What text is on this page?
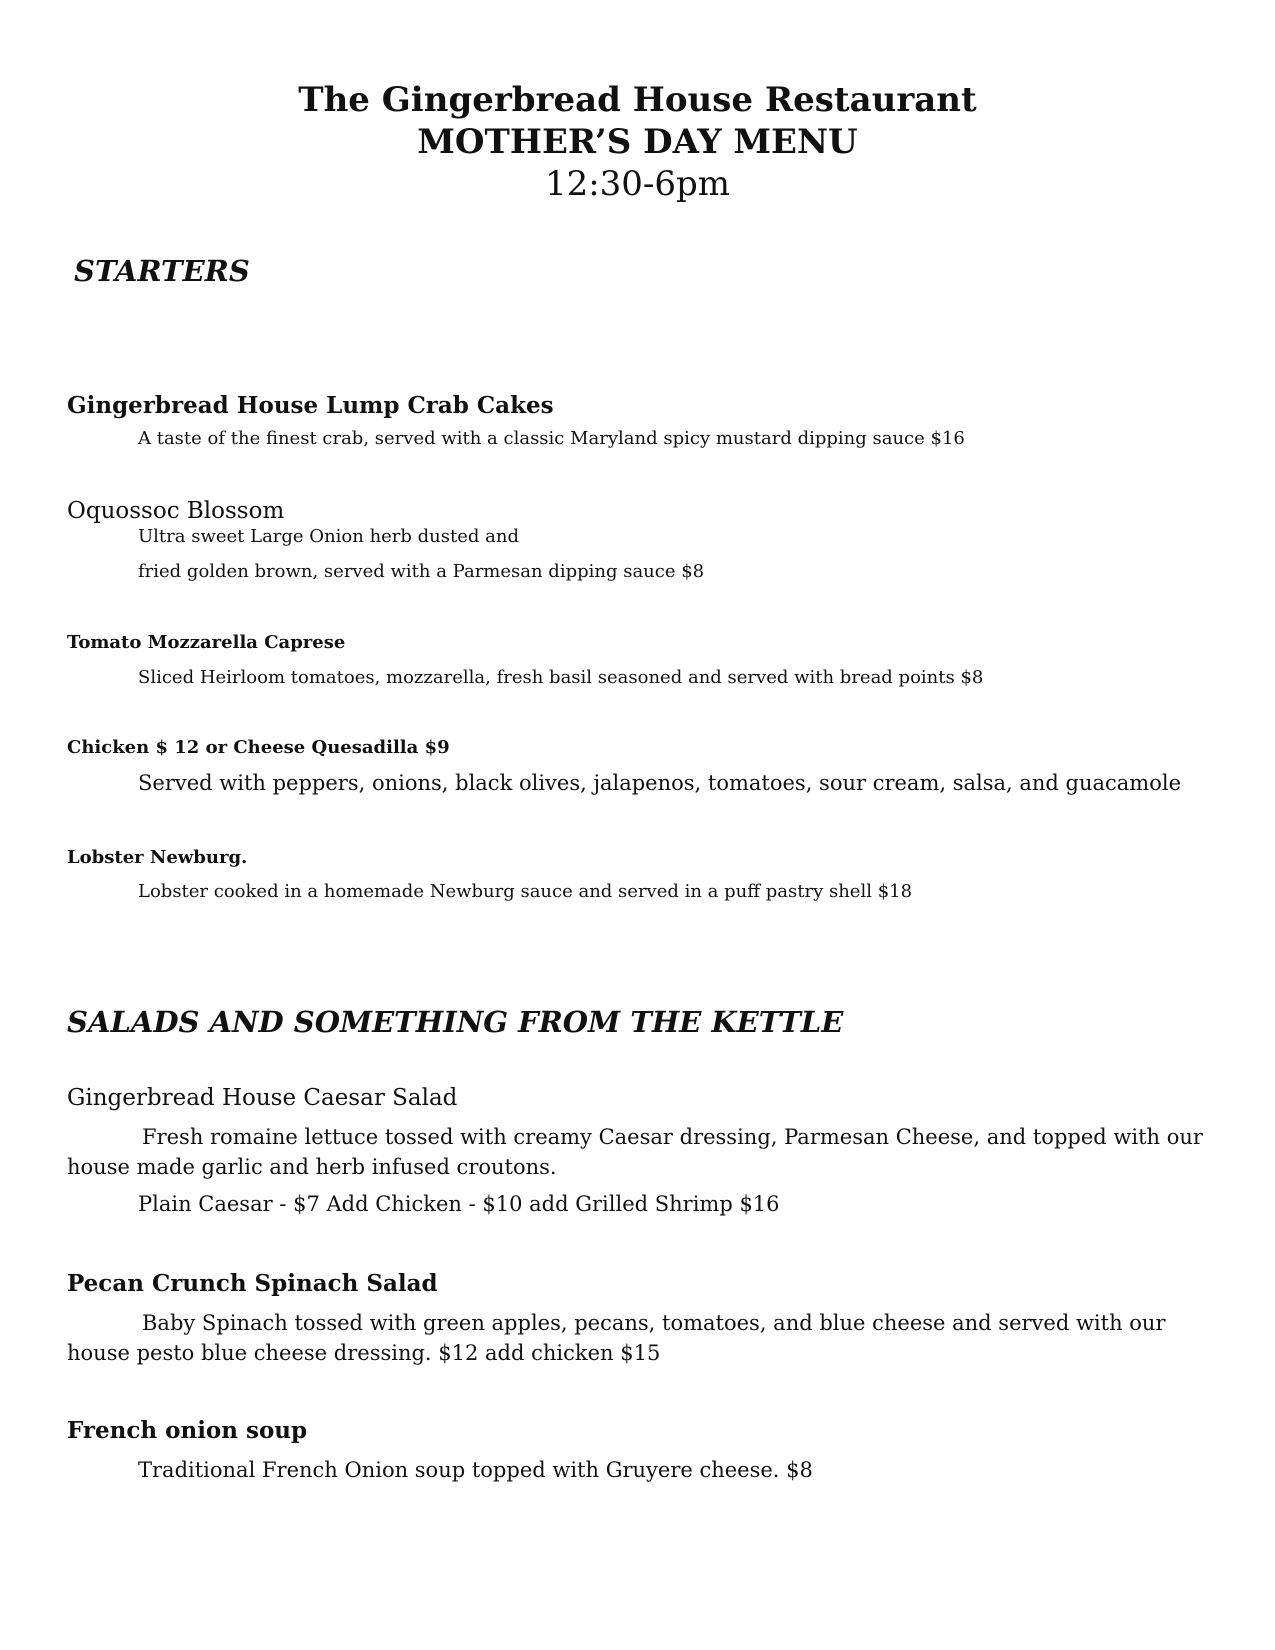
The Gingerbread House Restaurant
MOTHER’S DAY MENU
12:30-6pm
STARTERS
Gingerbread House Lump Crab Cakes
A taste of the finest crab, served with a classic Maryland spicy mustard dipping sauce $16
Oquossoc Blossom
Ultra sweet Large Onion herb dusted and
fried golden brown, served with a Parmesan dipping sauce $8
Tomato Mozzarella Caprese
Sliced Heirloom tomatoes, mozzarella, fresh basil seasoned and served with bread points $8
Chicken $ 12 or Cheese Quesadilla $9
Served with peppers, onions, black olives, jalapenos, tomatoes, sour cream, salsa, and guacamole
Lobster Newburg.
Lobster cooked in a homemade Newburg sauce and served in a puff pastry shell $18
SALADS AND SOMETHING FROM THE KETTLE
Gingerbread House Caesar Salad
Fresh romaine lettuce tossed with creamy Caesar dressing, Parmesan Cheese, and topped with our house made garlic and herb infused croutons.
Plain Caesar - $7 Add Chicken - $10 add Grilled Shrimp $16
Pecan Crunch Spinach Salad
Baby Spinach tossed with green apples, pecans, tomatoes, and blue cheese and served with our house pesto blue cheese dressing. $12 add chicken $15
French onion soup
Traditional French Onion soup topped with Gruyere cheese. $8
